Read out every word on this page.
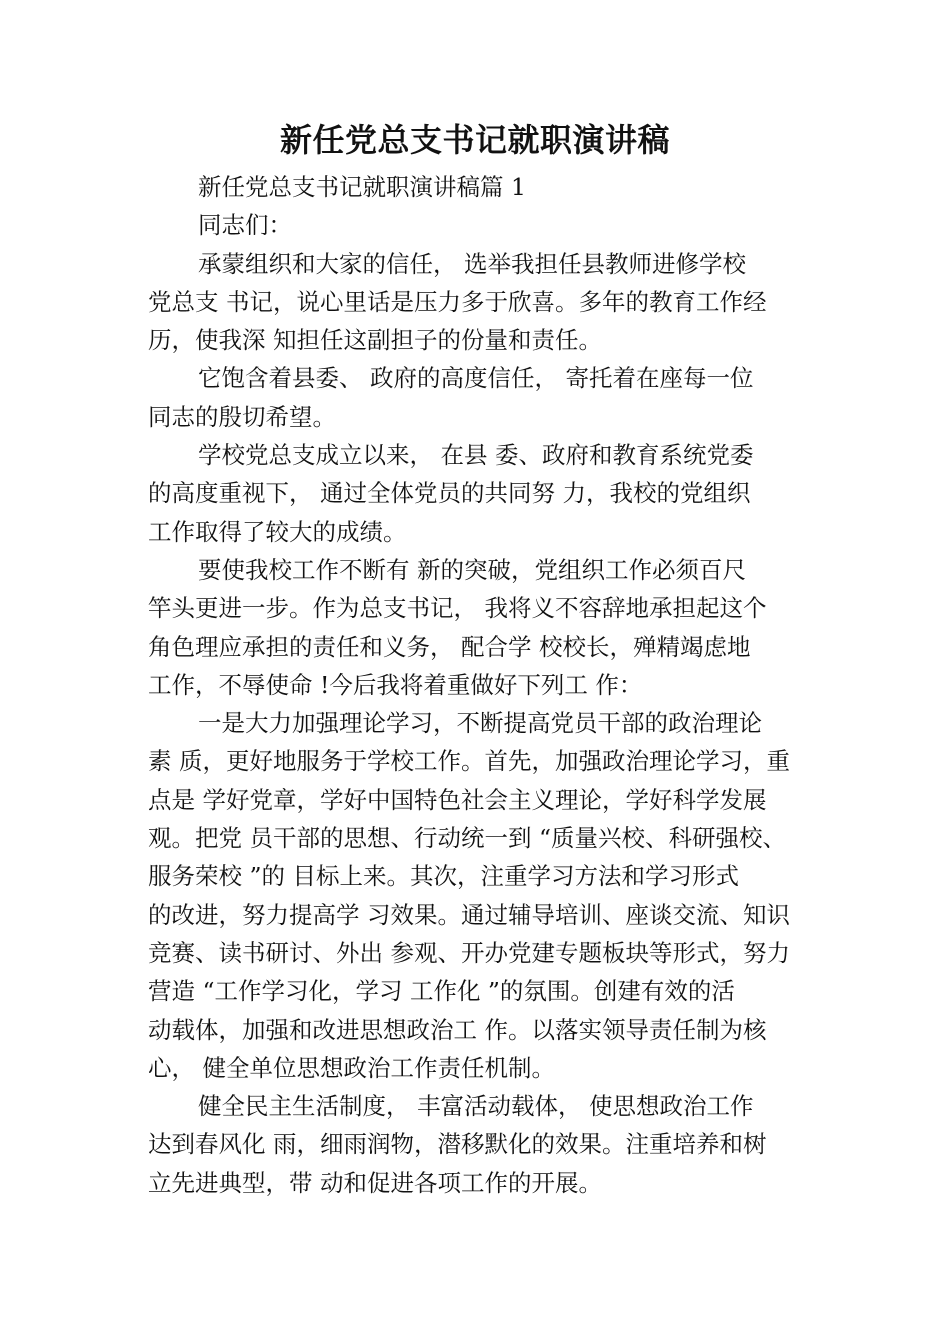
新任党总支书记就职演讲稿
新任党总支书记就职演讲稿篇 1
同志们：
承蒙组织和大家的信任， 选举我担任县教师进修学校
党总支 书记，说心里话是压力多于欣喜。多年的教育工作经
历，使我深 知担任这副担子的份量和责任。
它饱含着县委、 政府的高度信任， 寄托着在座每一位
同志的殷切希望。
学校党总支成立以来， 在县 委、政府和教育系统党委
的高度重视下， 通过全体党员的共同努 力，我校的党组织
工作取得了较大的成绩。
要使我校工作不断有 新的突破，党组织工作必须百尺
竿头更进一步。作为总支书记， 我将义不容辞地承担起这个
角色理应承担的责任和义务， 配合学 校校长，殚精竭虑地
工作，不辱使命 !今后我将着重做好下列工 作：
一是大力加强理论学习，不断提高党员干部的政治理论
素 质，更好地服务于学校工作。首先，加强政治理论学习，重
点是 学好党章，学好中国特色社会主义理论，学好科学发展
观。把党 员干部的思想、行动统一到 “质量兴校、科研强校、
服务荣校 ”的 目标上来。其次，注重学习方法和学习形式
的改进，努力提高学 习效果。通过辅导培训、座谈交流、知识
竞赛、读书研讨、外出 参观、开办党建专题板块等形式，努力
营造 “工作学习化，学习 工作化 ”的氛围。创建有效的活
动载体，加强和改进思想政治工 作。以落实领导责任制为核
心， 健全单位思想政治工作责任机制。
健全民主生活制度， 丰富活动载体， 使思想政治工作
达到春风化 雨，细雨润物，潜移默化的效果。注重培养和树
立先进典型，带 动和促进各项工作的开展。
